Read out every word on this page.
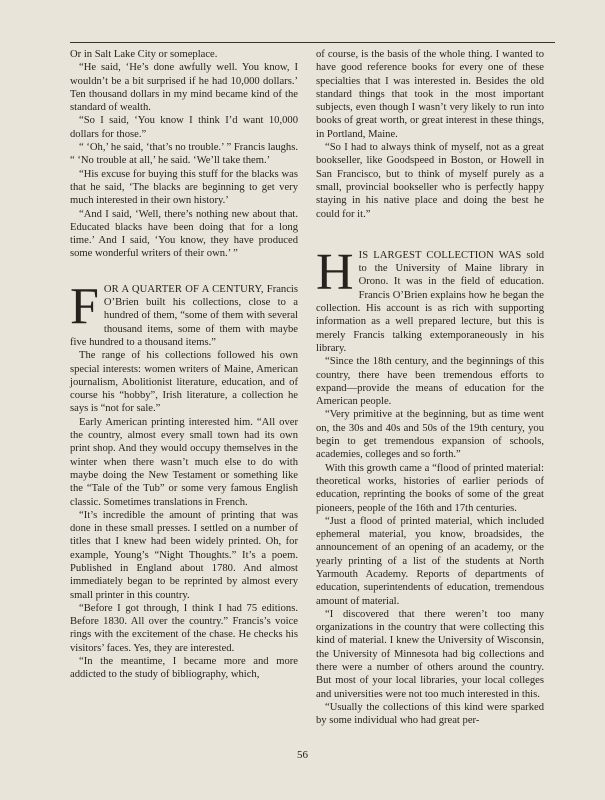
Or in Salt Lake City or someplace.

“He said, ‘He’s done awfully well. You know, I wouldn’t be a bit surprised if he had 10,000 dollars.’ Ten thousand dollars in my mind became kind of the standard of wealth.

“So I said, ‘You know I think I’d want 10,000 dollars for those.”

“ ‘Oh,’ he said, ‘that’s no trouble.’ ” Francis laughs. “ ‘No trouble at all,’ he said. ‘We’ll take them.’

“His excuse for buying this stuff for the blacks was that he said, ‘The blacks are beginning to get very much interested in their own history.’

“And I said, ‘Well, there’s nothing new about that. Educated blacks have been doing that for a long time.’ And I said, ‘You know, they have produced some wonderful writers of their own.’ ”

FOR A QUARTER OF A CENTURY, Francis O’Brien built his collections, close to a hundred of them, “some of them with several thousand items, some of them with maybe five hundred to a thousand items.”

The range of his collections followed his own special interests: women writers of Maine, American journalism, Abolitionist literature, education, and of course his “hobby”, Irish literature, a collection he says is “not for sale.”

Early American printing interested him. “All over the country, almost every small town had its own print shop. And they would occupy themselves in the winter when there wasn’t much else to do with maybe doing the New Testament or something like the “Tale of the Tub” or some very famous English classic. Sometimes translations in French.

“It’s incredible the amount of printing that was done in these small presses. I settled on a number of titles that I knew had been widely printed. Oh, for example, Young’s “Night Thoughts.” It’s a poem. Published in England about 1780. And almost immediately began to be reprinted by almost every small printer in this country.

“Before I got through, I think I had 75 editions. Before 1830. All over the country.” Francis’s voice rings with the excitement of the chase. He checks his visitors’ faces. Yes, they are interested.

“In the meantime, I became more and more addicted to the study of bibliography, which,

of course, is the basis of the whole thing. I wanted to have good reference books for every one of these specialties that I was interested in. Besides the old standard things that took in the most important subjects, even though I wasn’t very likely to run into books of great worth, or great interest in these things, in Portland, Maine.

“So I had to always think of myself, not as a great bookseller, like Goodspeed in Boston, or Howell in San Francisco, but to think of myself purely as a small, provincial bookseller who is perfectly happy staying in his native place and doing the best he could for it.”

HIS LARGEST COLLECTION WAS sold to the University of Maine library in Orono. It was in the field of education. Francis O’Brien explains how he began the collection. His account is as rich with supporting information as a well prepared lecture, but this is merely Francis talking extemporaneously in his library.

“Since the 18th century, and the beginnings of this country, there have been tremendous efforts to expand—provide the means of education for the American people.

“Very primitive at the beginning, but as time went on, the 30s and 40s and 50s of the 19th century, you begin to get tremendous expansion of schools, academies, colleges and so forth.”

With this growth came a “flood of printed material: theoretical works, histories of earlier periods of education, reprinting the books of some of the great pioneers, people of the 16th and 17th centuries.

“Just a flood of printed material, which included ephemeral material, you know, broadsides, the announcement of an opening of an academy, or the yearly printing of a list of the students at North Yarmouth Academy. Reports of departments of education, superintendents of education, tremendous amount of material.

“I discovered that there weren’t too many organizations in the country that were collecting this kind of material. I knew the University of Wisconsin, the University of Minnesota had big collections and there were a number of others around the country. But most of your local libraries, your local colleges and universities were not too much interested in this.

“Usually the collections of this kind were sparked by some individual who had great per-

56
